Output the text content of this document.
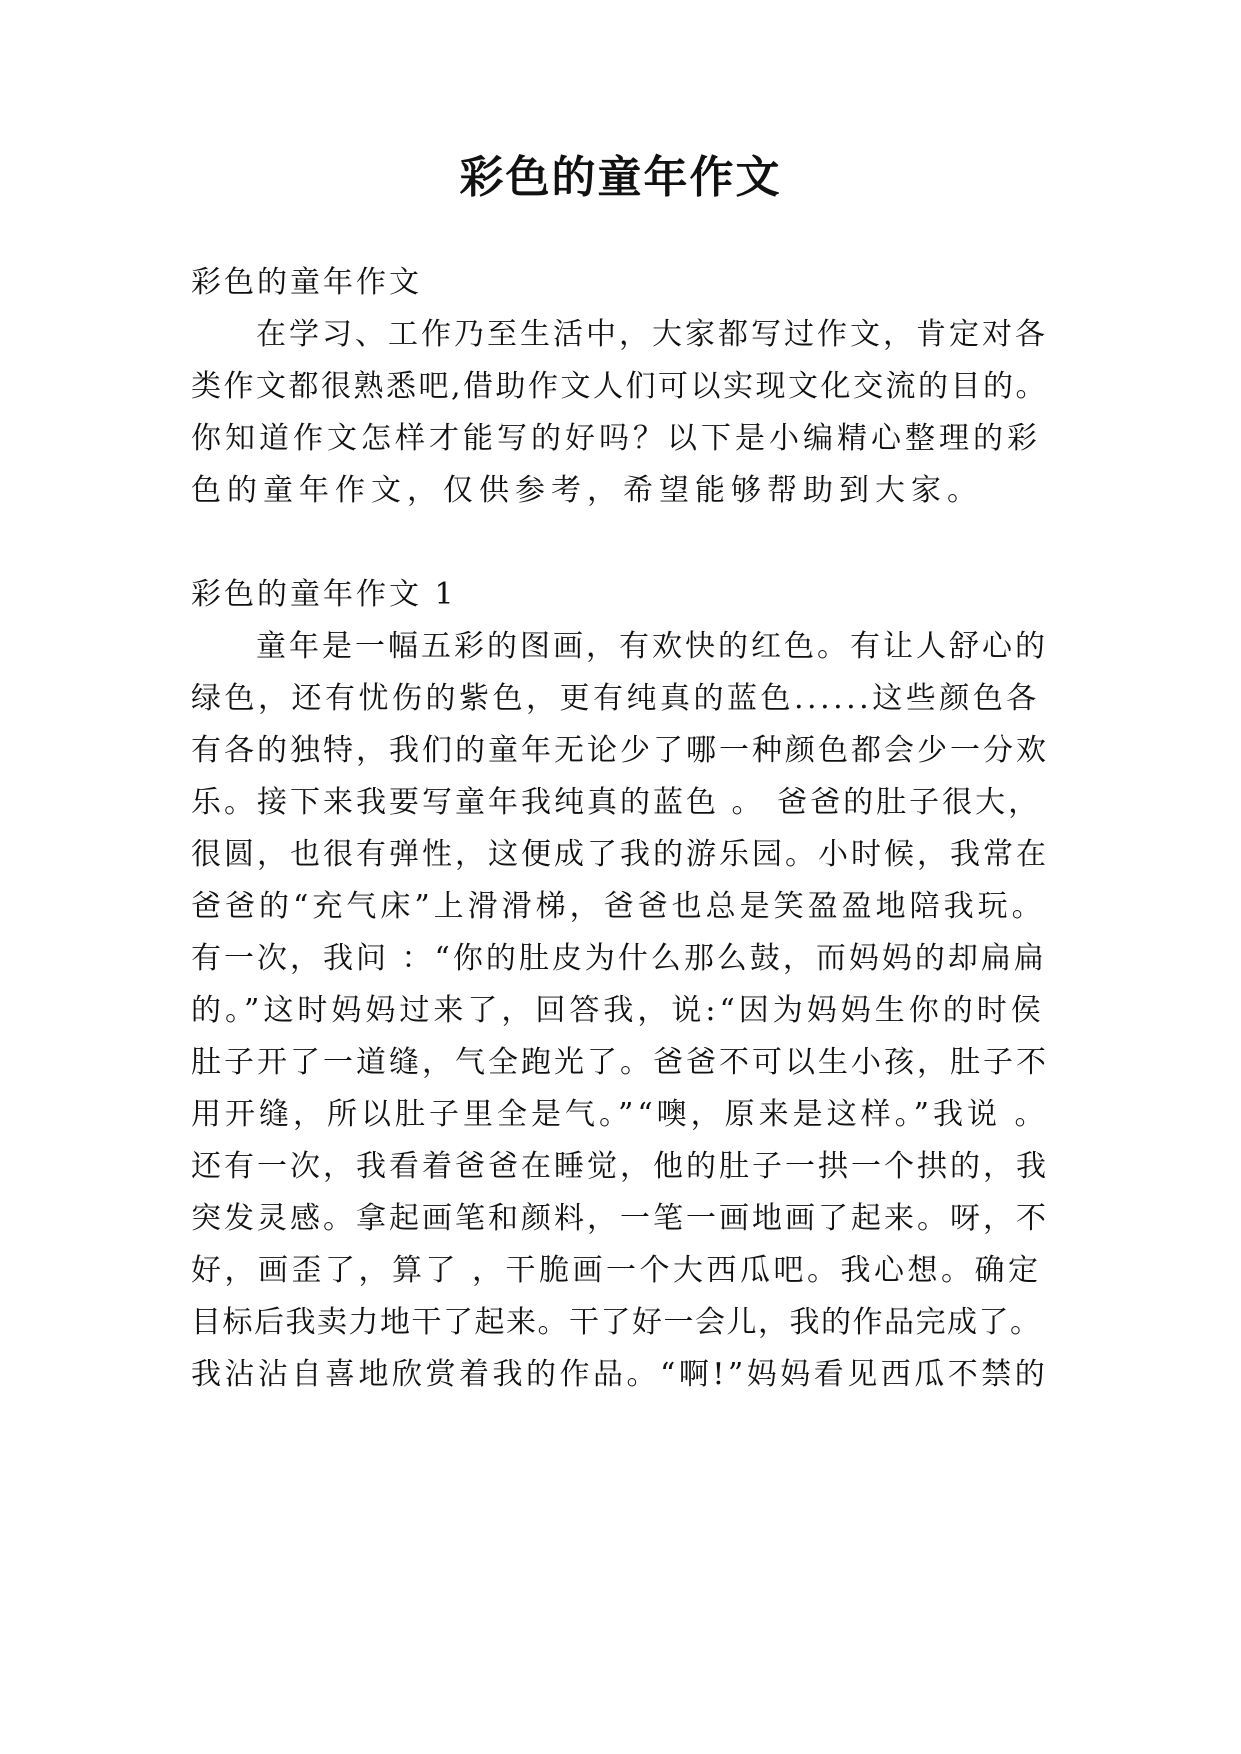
彩色的童年作文
彩色的童年作文
在学习、工作乃至生活中，大家都写过作文，肯定对各
类作文都很熟悉吧,借助作文人们可以实现文化交流的目的。
你知道作文怎样才能写的好吗？以下是小编精心整理的彩
色的童年作文，仅供参考，希望能够帮助到大家。
彩色的童年作文 1
童年是一幅五彩的图画，有欢快的红色。有让人舒心的
绿色，还有忧伤的紫色，更有纯真的蓝色......这些颜色各
有各的独特，我们的童年无论少了哪一种颜色都会少一分欢
乐。接下来我要写童年我纯真的蓝色 。 爸爸的肚子很大，
很圆，也很有弹性，这便成了我的游乐园。小时候，我常在
爸爸的“充气床”上滑滑梯，爸爸也总是笑盈盈地陪我玩。
有一次，我问 ：“你的肚皮为什么那么鼓，而妈妈的却扁扁
的。”这时妈妈过来了，回答我，说:“因为妈妈生你的时侯
肚子开了一道缝，气全跑光了。爸爸不可以生小孩，肚子不
用开缝，所以肚子里全是气。”“噢，原来是这样。”我说 。
还有一次，我看着爸爸在睡觉，他的肚子一拱一个拱的，我
突发灵感。拿起画笔和颜料，一笔一画地画了起来。呀，不
好，画歪了，算了 ，干脆画一个大西瓜吧。我心想。确定
目标后我卖力地干了起来。干了好一会儿，我的作品完成了。
我沾沾自喜地欣赏着我的作品。“啊!”妈妈看见西瓜不禁的
